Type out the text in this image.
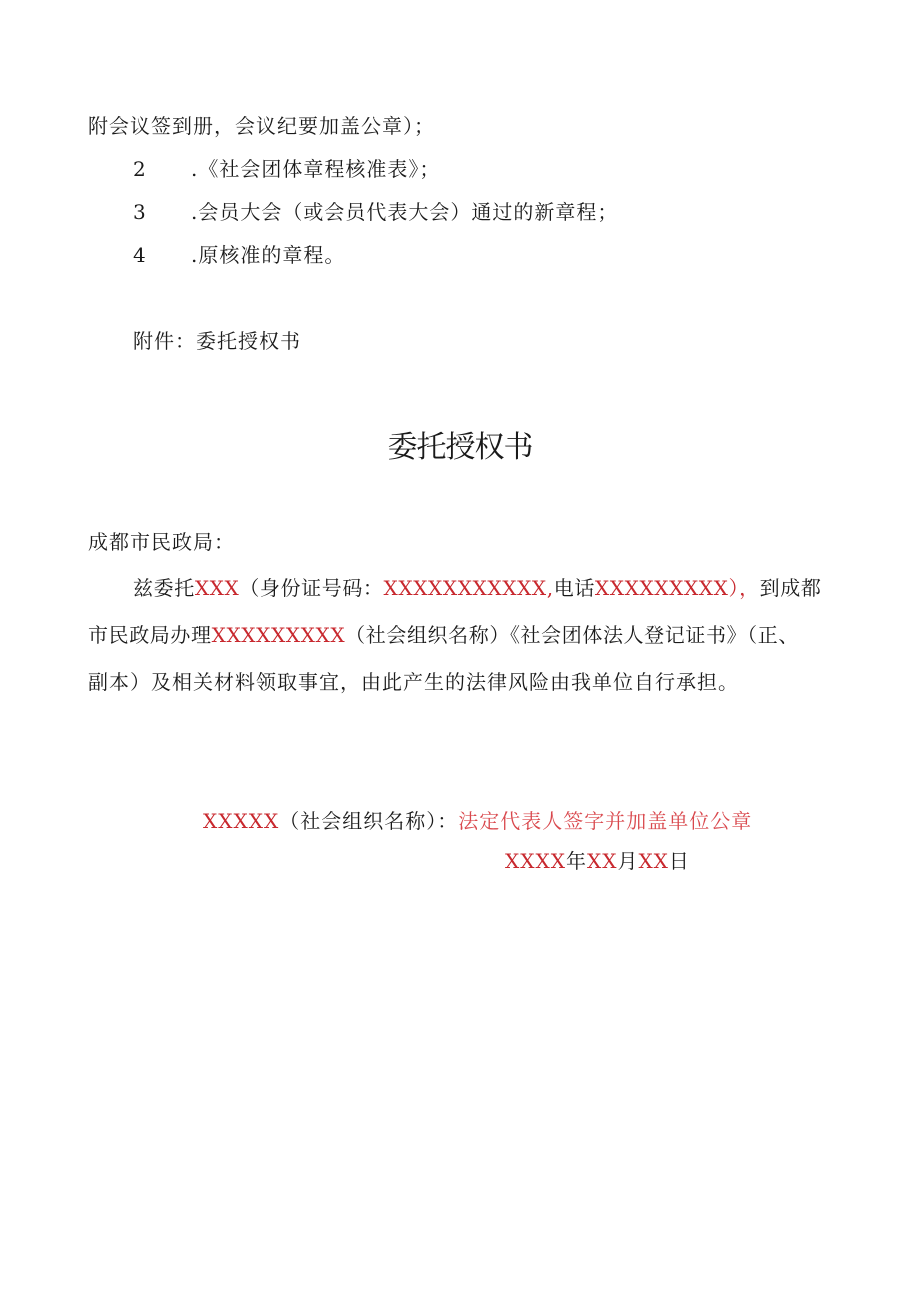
附会议签到册，会议纪要加盖公章）；
2 .《社会团体章程核准表》；
3 .会员大会（或会员代表大会）通过的新章程；
4 .原核准的章程。
附件：委托授权书
委托授权书
成都市民政局：
兹委托XXX（身份证号码：XXXXXXXXXXX,电话XXXXXXXXX），到成都
市民政局办理XXXXXXXXX（社会组织名称）《社会团体法人登记证书》（正、
副本）及相关材料领取事宜，由此产生的法律风险由我单位自行承担。
XXXXX（社会组织名称）：法定代表人签字并加盖单位公章
XXXX年XX月XX日
